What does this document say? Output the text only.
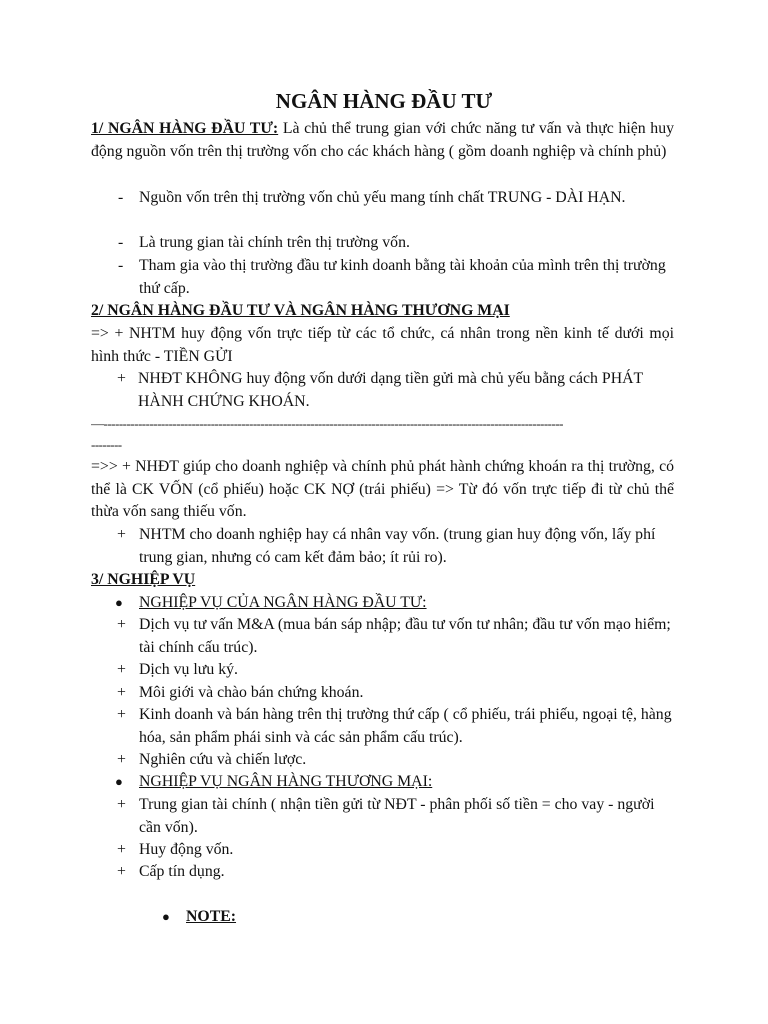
NGÂN HÀNG ĐẦU TƯ
1/ NGÂN HÀNG ĐẦU TƯ: Là chủ thể trung gian với chức năng tư vấn và thực hiện huy động nguồn vốn trên thị trường vốn cho các khách hàng ( gồm doanh nghiệp và chính phủ)
- Nguồn vốn trên thị trường vốn chủ yếu mang tính chất TRUNG - DÀI HẠN.
- Là trung gian tài chính trên thị trường vốn.
- Tham gia vào thị trường đầu tư kinh doanh bằng tài khoản của mình trên thị trường thứ cấp.
2/ NGÂN HÀNG ĐẦU TƯ VÀ NGÂN HÀNG THƯƠNG MẠI
=> + NHTM huy động vốn trực tiếp từ các tổ chức, cá nhân trong nền kinh tế dưới mọi hình thức - TIỀN GỬI
+ NHĐT KHÔNG huy động vốn dưới dạng tiền gửi mà chủ yếu bằng cách PHÁT HÀNH CHỨNG KHOÁN.
—------------------------------------------------------------------------------------------------------------------------
--------
=>> + NHĐT giúp cho doanh nghiệp và chính phủ phát hành chứng khoán ra thị trường, có thể là CK VỐN (cổ phiếu) hoặc CK NỢ (trái phiếu) => Từ đó vốn trực tiếp đi từ chủ thể thừa vốn sang thiếu vốn.
+ NHTM cho doanh nghiệp hay cá nhân vay vốn. (trung gian huy động vốn, lấy phí trung gian, nhưng có cam kết đảm bảo; ít rủi ro).
3/ NGHIỆP VỤ
● NGHIỆP VỤ CỦA NGÂN HÀNG ĐẦU TƯ:
+ Dịch vụ tư vấn M&A (mua bán sáp nhập; đầu tư vốn tư nhân; đầu tư vốn mạo hiểm; tài chính cấu trúc).
+ Dịch vụ lưu ký.
+ Môi giới và chào bán chứng khoán.
+ Kinh doanh và bán hàng trên thị trường thứ cấp ( cổ phiếu, trái phiếu, ngoại tệ, hàng hóa, sản phẩm phái sinh và các sản phẩm cấu trúc).
+ Nghiên cứu và chiến lược.
● NGHIỆP VỤ NGÂN HÀNG THƯƠNG MẠI:
+ Trung gian tài chính ( nhận tiền gửi từ NĐT - phân phối số tiền = cho vay - người cần vốn).
+ Huy động vốn.
+ Cấp tín dụng.
● NOTE:
